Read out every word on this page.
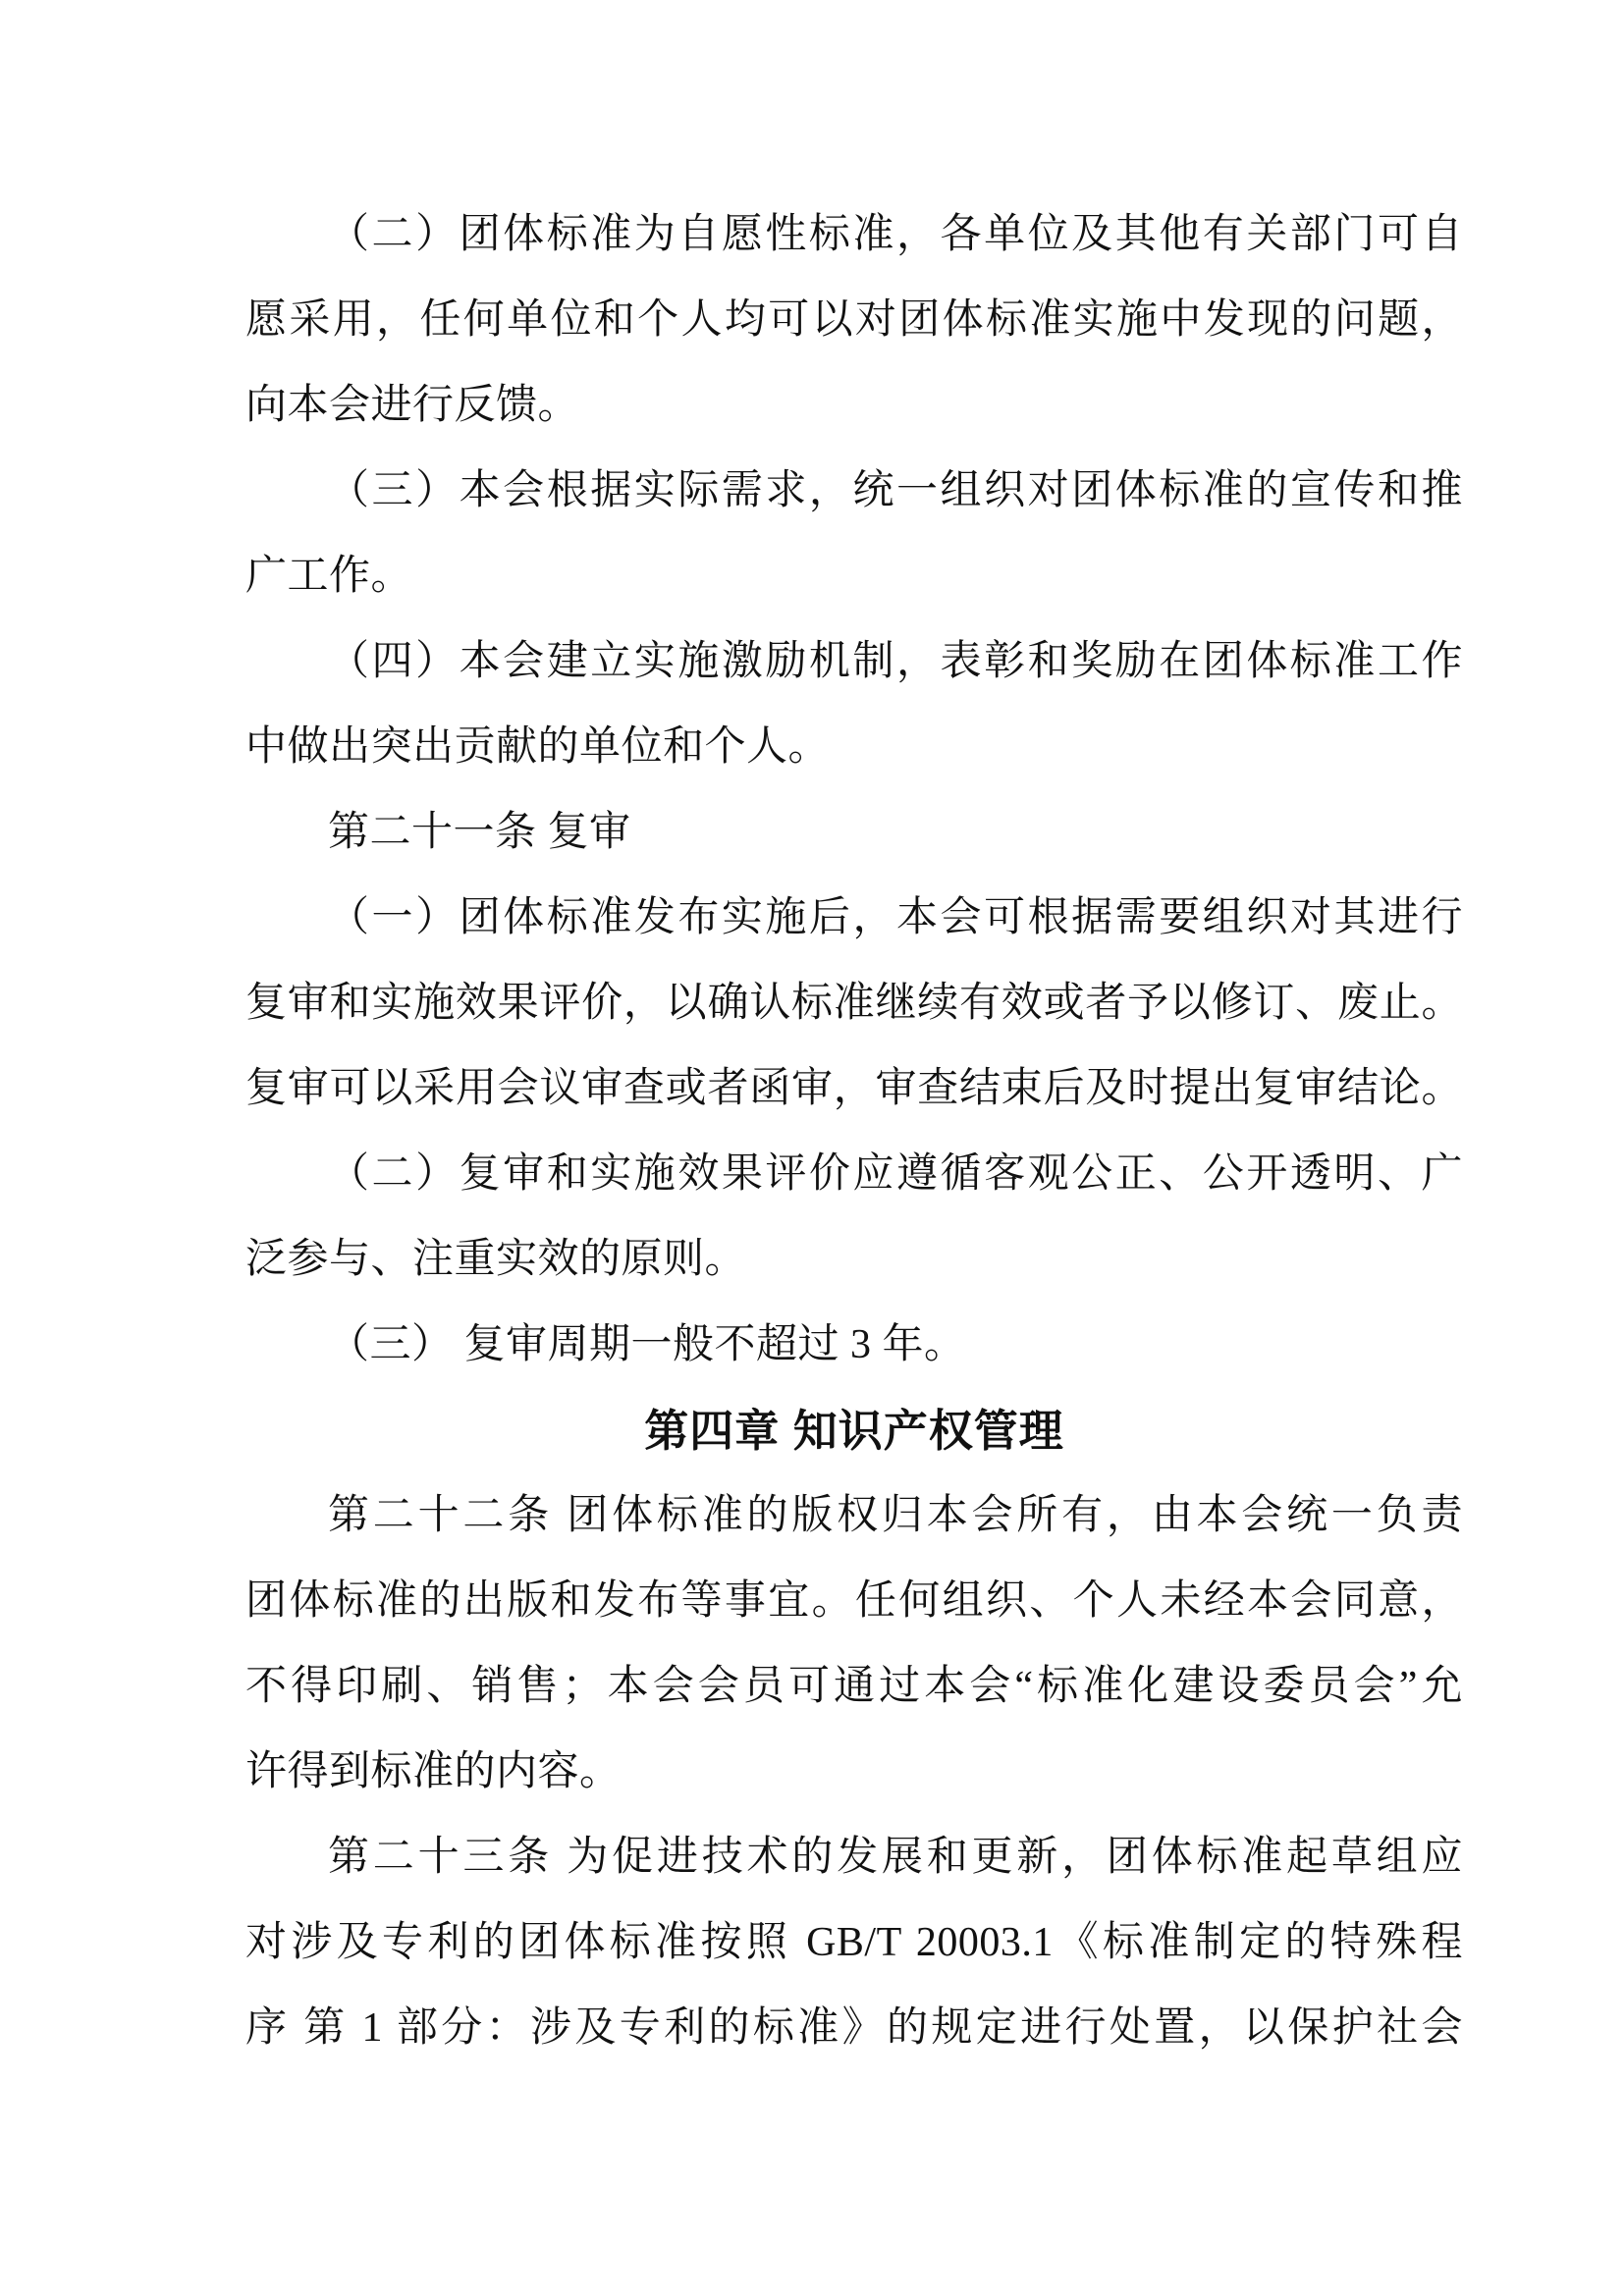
（二）团体标准为自愿性标准，各单位及其他有关部门可自
愿采用，任何单位和个人均可以对团体标准实施中发现的问题，
向本会进行反馈。
（三）本会根据实际需求，统一组织对团体标准的宣传和推
广工作。
（四）本会建立实施激励机制，表彰和奖励在团体标准工作
中做出突出贡献的单位和个人。
第二十一条 复审
（一）团体标准发布实施后，本会可根据需要组织对其进行
复审和实施效果评价，以确认标准继续有效或者予以修订、废止。
复审可以采用会议审查或者函审，审查结束后及时提出复审结论。
（二）复审和实施效果评价应遵循客观公正、公开透明、广
泛参与、注重实效的原则。
（三） 复审周期一般不超过 3 年。
第四章 知识产权管理
第二十二条 团体标准的版权归本会所有，由本会统一负责
团体标准的出版和发布等事宜。任何组织、个人未经本会同意，
不得印刷、销售；本会会员可通过本会“标准化建设委员会”允
许得到标准的内容。
第二十三条 为促进技术的发展和更新，团体标准起草组应
对涉及专利的团体标准按照 GB/T 20003.1《标准制定的特殊程
序 第 1 部分：涉及专利的标准》的规定进行处置，以保护社会
